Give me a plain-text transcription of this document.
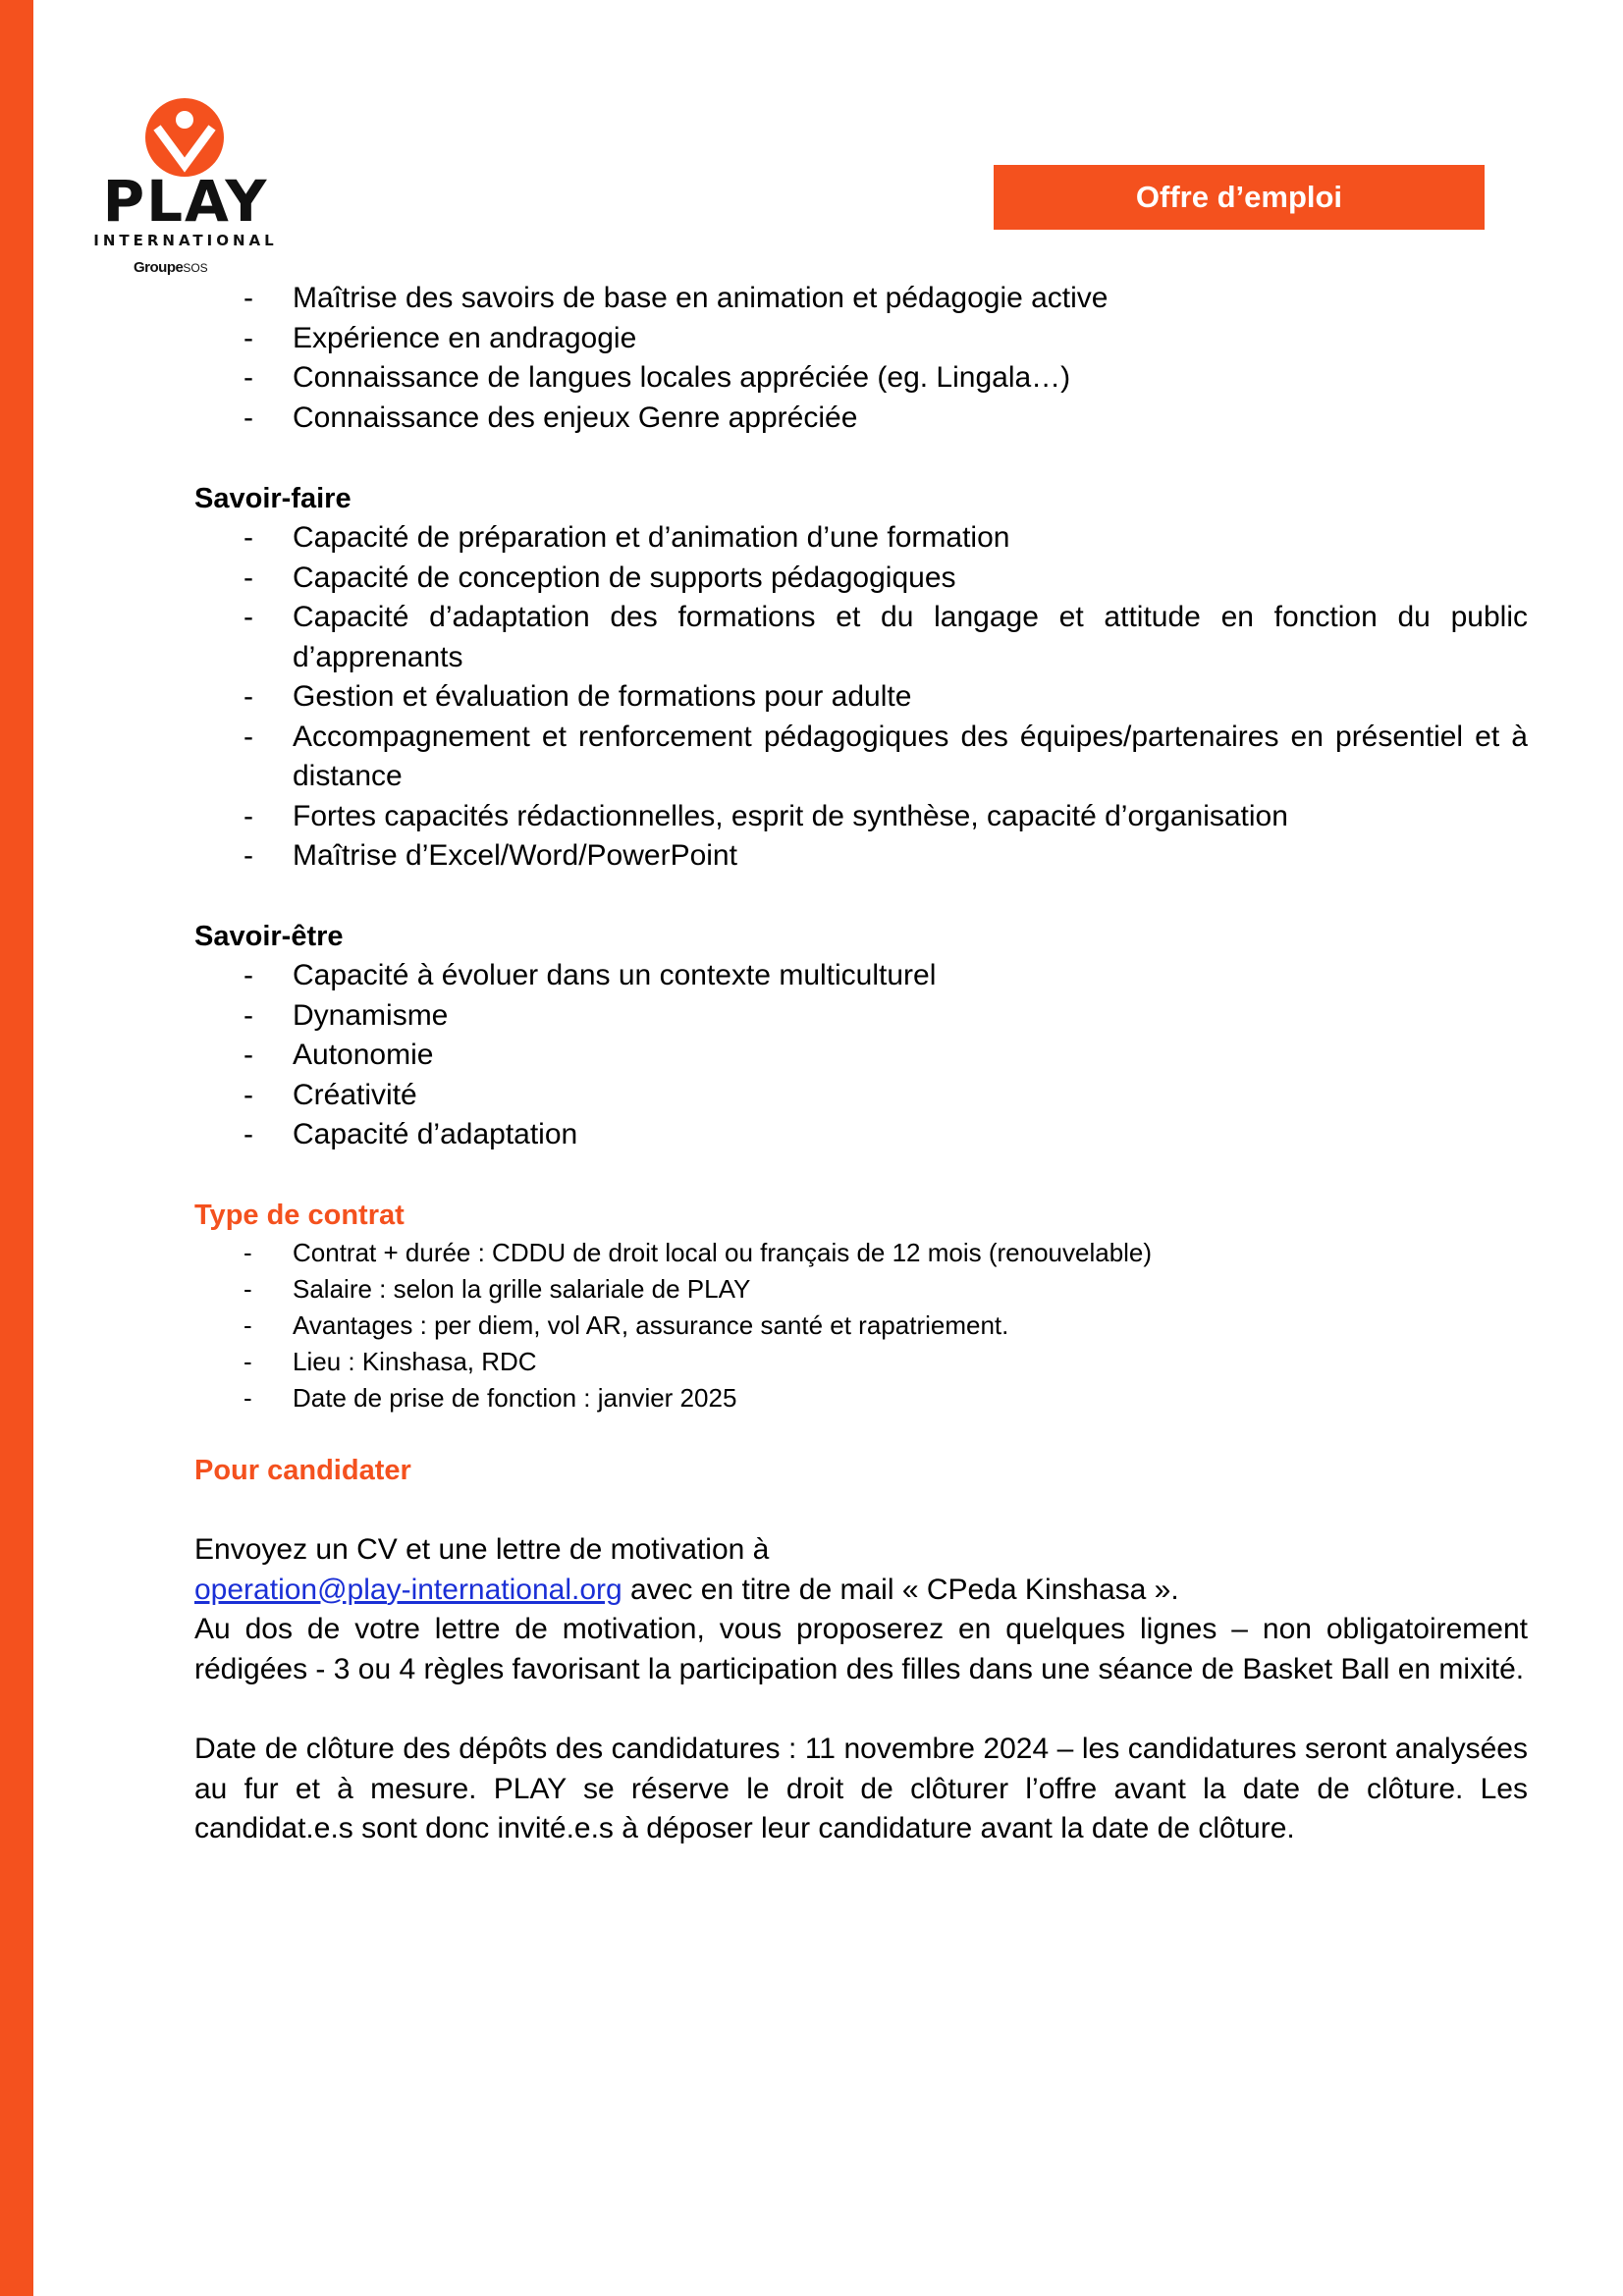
PLAY
INTERNATIONAL
GroupeSOS
Offre d’emploi
- Maîtrise des savoirs de base en animation et pédagogie active
- Expérience en andragogie
- Connaissance de langues locales appréciée (eg. Lingala…)
- Connaissance des enjeux Genre appréciée
Savoir-faire
- Capacité de préparation et d’animation d’une formation
- Capacité de conception de supports pédagogiques
- Capacité d’adaptation des formations et du langage et attitude en fonction du public d’apprenants
- Gestion et évaluation de formations pour adulte
- Accompagnement et renforcement pédagogiques des équipes/partenaires en présentiel et à distance
- Fortes capacités rédactionnelles, esprit de synthèse, capacité d’organisation
- Maîtrise d’Excel/Word/PowerPoint
Savoir-être
- Capacité à évoluer dans un contexte multiculturel
- Dynamisme
- Autonomie
- Créativité
- Capacité d’adaptation
Type de contrat
- Contrat + durée : CDDU de droit local ou français de 12 mois (renouvelable)
- Salaire : selon la grille salariale de PLAY
- Avantages : per diem, vol AR, assurance santé et rapatriement.
- Lieu : Kinshasa, RDC
- Date de prise de fonction : janvier 2025
Pour candidater

Envoyez un CV et une lettre de motivation à
operation@play-international.org avec en titre de mail « CPeda Kinshasa ».
Au dos de votre lettre de motivation, vous proposerez en quelques lignes – non obligatoirement rédigées - 3 ou 4 règles favorisant la participation des filles dans une séance de Basket Ball en mixité.

Date de clôture des dépôts des candidatures : 11 novembre 2024 – les candidatures seront analysées au fur et à mesure. PLAY se réserve le droit de clôturer l’offre avant la date de clôture. Les candidat.e.s sont donc invité.e.s à déposer leur candidature avant la date de clôture.
